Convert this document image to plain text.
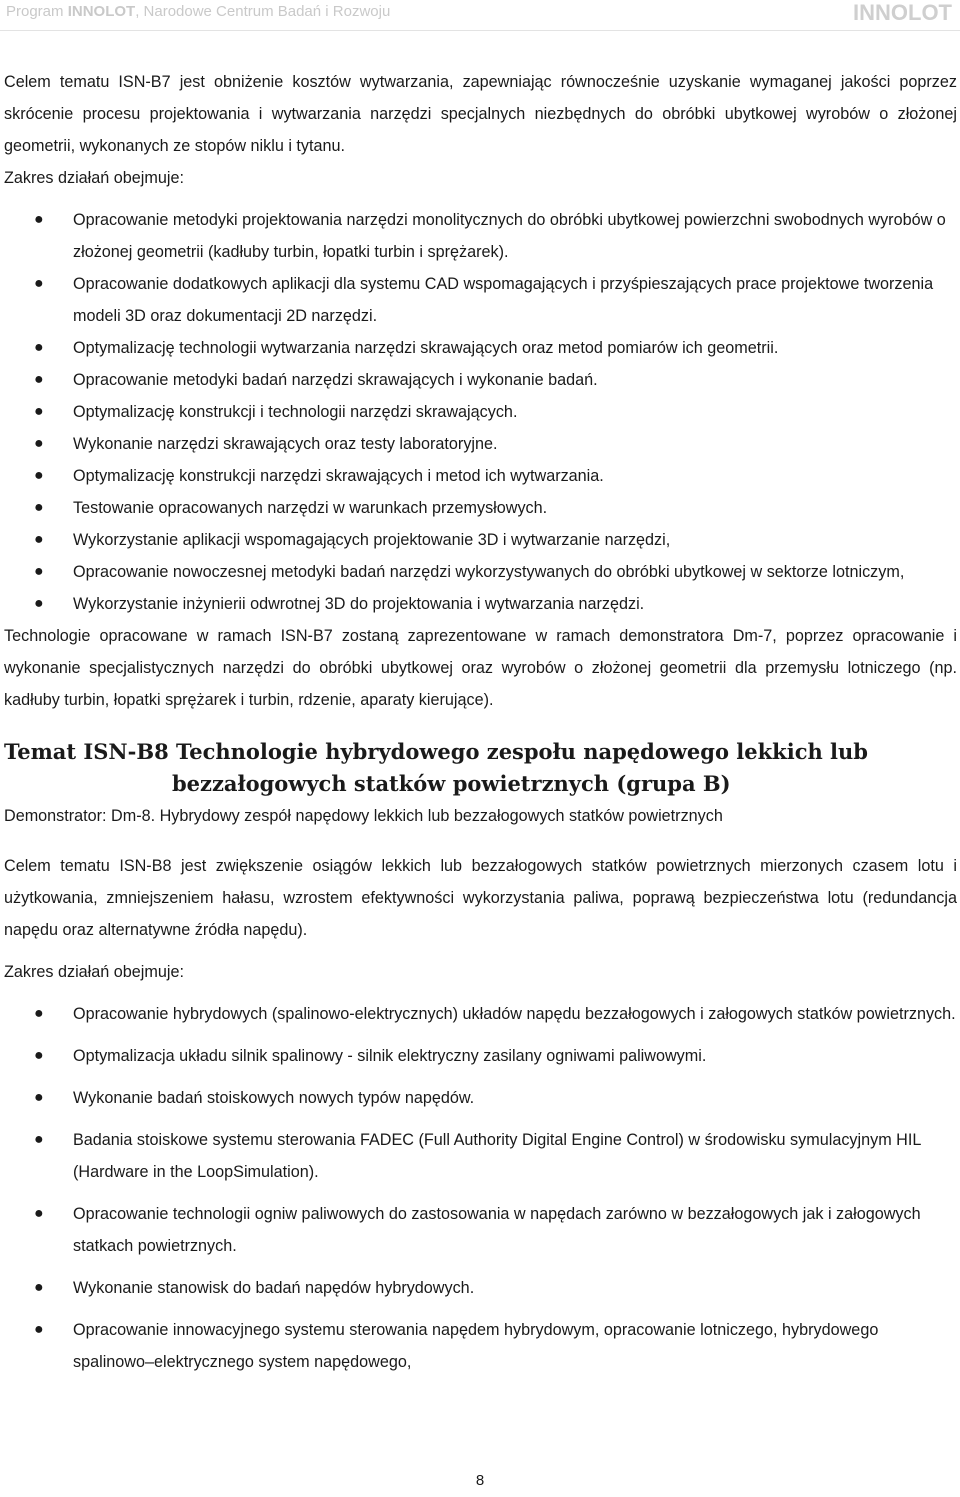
Program INNOLOT, Narodowe Centrum Badań i Rozwoju	INNOLOT

Celem tematu ISN-B7 jest obniżenie kosztów wytwarzania, zapewniając równocześnie uzyskanie wymaganej jakości poprzez skrócenie procesu projektowania i wytwarzania narzędzi specjalnych niezbędnych do obróbki ubytkowej wyrobów o złożonej geometrii, wykonanych ze stopów niklu i tytanu.

Zakres działań obejmuje:

● Opracowanie metodyki projektowania narzędzi monolitycznych do obróbki ubytkowej powierzchni swobodnych wyrobów o złożonej geometrii (kadłuby turbin, łopatki turbin i sprężarek).
● Opracowanie dodatkowych aplikacji dla systemu CAD wspomagających i przyśpieszających prace projektowe tworzenia modeli 3D oraz dokumentacji 2D narzędzi.
● Optymalizację technologii wytwarzania narzędzi skrawających oraz metod pomiarów ich geometrii.
● Opracowanie metodyki badań narzędzi skrawających i wykonanie badań.
● Optymalizację konstrukcji i technologii narzędzi skrawających.
● Wykonanie narzędzi skrawających oraz testy laboratoryjne.
● Optymalizację konstrukcji narzędzi skrawających i metod ich wytwarzania.
● Testowanie opracowanych narzędzi w warunkach przemysłowych.
● Wykorzystanie aplikacji wspomagających projektowanie 3D i wytwarzanie narzędzi,
● Opracowanie nowoczesnej metodyki badań narzędzi wykorzystywanych do obróbki ubytkowej w sektorze lotniczym,
● Wykorzystanie inżynierii odwrotnej 3D do projektowania i wytwarzania narzędzi.

Technologie opracowane w ramach ISN-B7 zostaną zaprezentowane w ramach demonstratora Dm-7, poprzez opracowanie i wykonanie specjalistycznych narzędzi do obróbki ubytkowej oraz wyrobów o złożonej geometrii dla przemysłu lotniczego (np. kadłuby turbin, łopatki sprężarek i turbin, rdzenie, aparaty kierujące).

Temat ISN-B8 Technologie hybrydowego zespołu napędowego lekkich lub
bezzałogowych statków powietrznych (grupa B)

Demonstrator: Dm-8. Hybrydowy zespół napędowy lekkich lub bezzałogowych statków powietrznych

Celem tematu ISN-B8 jest zwiększenie osiągów lekkich lub bezzałogowych statków powietrznych mierzonych czasem lotu i użytkowania, zmniejszeniem hałasu, wzrostem efektywności wykorzystania paliwa, poprawą bezpieczeństwa lotu (redundancja napędu oraz alternatywne źródła napędu).

Zakres działań obejmuje:

● Opracowanie hybrydowych (spalinowo-elektrycznych) układów napędu bezzałogowych i załogowych statków powietrznych.
● Optymalizacja układu silnik spalinowy - silnik elektryczny zasilany ogniwami paliwowymi.
● Wykonanie badań stoiskowych nowych typów napędów.
● Badania stoiskowe systemu sterowania FADEC (Full Authority Digital Engine Control) w środowisku symulacyjnym HIL (Hardware in the LoopSimulation).
● Opracowanie technologii ogniw paliwowych do zastosowania w napędach zarówno w bezzałogowych jak i załogowych statkach powietrznych.
● Wykonanie stanowisk do badań napędów hybrydowych.
● Opracowanie innowacyjnego systemu sterowania napędem hybrydowym, opracowanie lotniczego, hybrydowego spalinowo–elektrycznego system napędowego,
8
